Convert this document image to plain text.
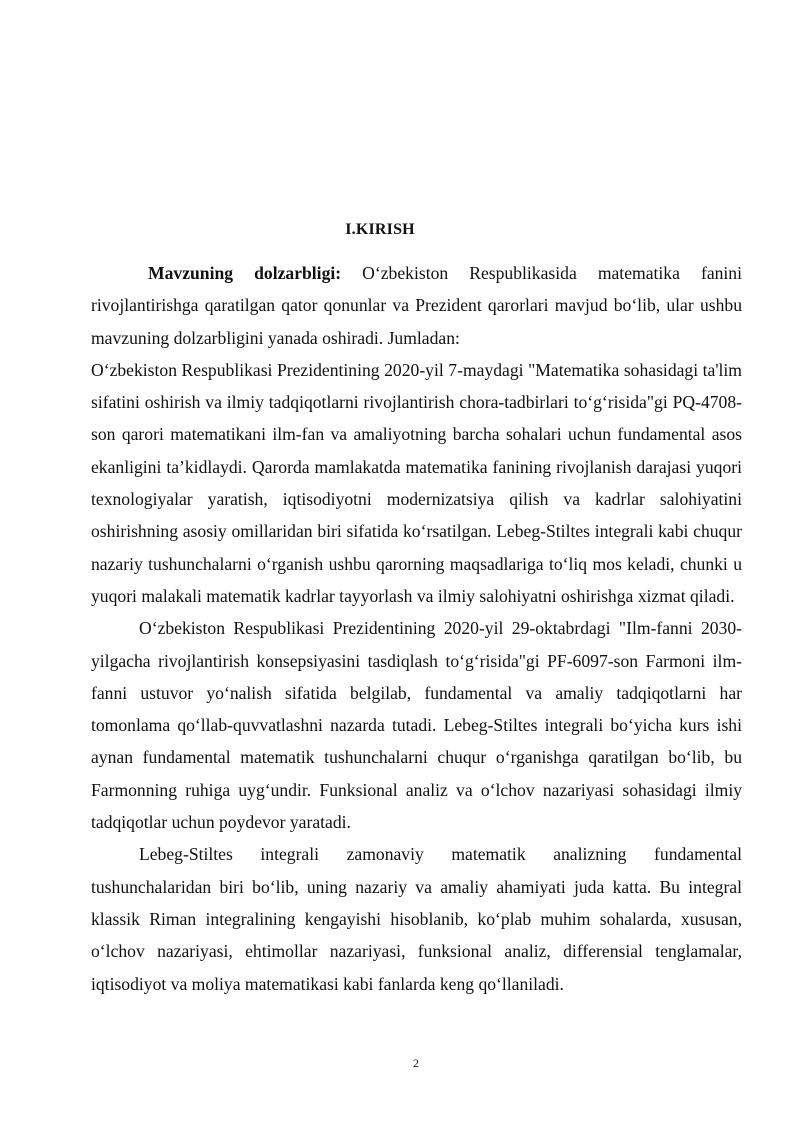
I.KIRISH

Mavzuning dolzarbligi: O‘zbekiston Respublikasida matematika fanini rivojlantirishga qaratilgan qator qonunlar va Prezident qarorlari mavjud bo‘lib, ular ushbu mavzuning dolzarbligini yanada oshiradi. Jumladan:

O‘zbekiston Respublikasi Prezidentining 2020-yil 7-maydagi "Matematika sohasidagi ta'lim sifatini oshirish va ilmiy tadqiqotlarni rivojlantirish chora-tadbirlari to‘g‘risida"gi PQ-4708-son qarori matematikani ilm-fan va amaliyotning barcha sohalari uchun fundamental asos ekanligini ta’kidlaydi. Qarorda mamlakatda matematika fanining rivojlanish darajasi yuqori texnologiyalar yaratish, iqtisodiyotni modernizatsiya qilish va kadrlar salohiyatini oshirishning asosiy omillaridan biri sifatida ko‘rsatilgan. Lebeg-Stiltes integrali kabi chuqur nazariy tushunchalarni o‘rganish ushbu qarorning maqsadlariga to‘liq mos keladi, chunki u yuqori malakali matematik kadrlar tayyorlash va ilmiy salohiyatni oshirishga xizmat qiladi.

O‘zbekiston Respublikasi Prezidentining 2020-yil 29-oktabrdagi "Ilm-fanni 2030-yilgacha rivojlantirish konsepsiyasini tasdiqlash to‘g‘risida"gi PF-6097-son Farmoni ilm-fanni ustuvor yo‘nalish sifatida belgilab, fundamental va amaliy tadqiqotlarni har tomonlama qo‘llab-quvvatlashni nazarda tutadi. Lebeg-Stiltes integrali bo‘yicha kurs ishi aynan fundamental matematik tushunchalarni chuqur o‘rganishga qaratilgan bo‘lib, bu Farmonning ruhiga uyg‘undir. Funksional analiz va o‘lchov nazariyasi sohasidagi ilmiy tadqiqotlar uchun poydevor yaratadi.

Lebeg-Stiltes integrali zamonaviy matematik analizning fundamental tushunchalaridan biri bo‘lib, uning nazariy va amaliy ahamiyati juda katta. Bu integral klassik Riman integralining kengayishi hisoblanib, ko‘plab muhim sohalarda, xususan, o‘lchov nazariyasi, ehtimollar nazariyasi, funksional analiz, differensial tenglamalar, iqtisodiyot va moliya matematikasi kabi fanlarda keng qo‘llaniladi.

2
